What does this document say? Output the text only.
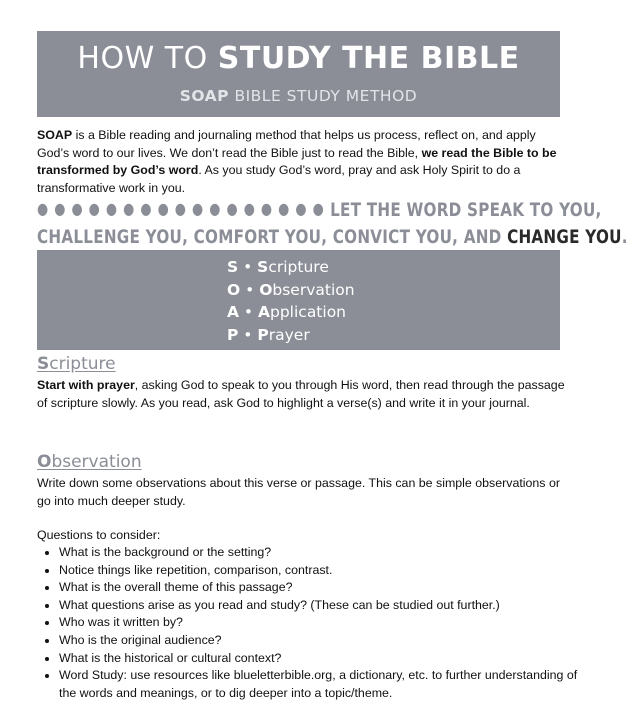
HOW TO STUDY THE BIBLE
SOAP BIBLE STUDY METHOD
SOAP is a Bible reading and journaling method that helps us process, reflect on, and apply God’s word to our lives. We don’t read the Bible just to read the Bible, we read the Bible to be transformed by God’s word. As you study God’s word, pray and ask Holy Spirit to do a transformative work in you.
● ● ● ● ● ● ● ● ● ● ● ● ● ● ● ● ● LET THE WORD SPEAK TO YOU,
CHALLENGE YOU, COMFORT YOU, CONVICT YOU, AND CHANGE YOU.
S • Scripture
O • Observation
A • Application
P • Prayer
Scripture
Start with prayer, asking God to speak to you through His word, then read through the passage of scripture slowly. As you read, ask God to highlight a verse(s) and write it in your journal.
Observation
Write down some observations about this verse or passage. This can be simple observations or go into much deeper study.
Questions to consider:
• What is the background or the setting?
• Notice things like repetition, comparison, contrast.
• What is the overall theme of this passage?
• What questions arise as you read and study? (These can be studied out further.)
• Who was it written by?
• Who is the original audience?
• What is the historical or cultural context?
• Word Study: use resources like blueletterbible.org, a dictionary, etc. to further understanding of the words and meanings, or to dig deeper into a topic/theme.
